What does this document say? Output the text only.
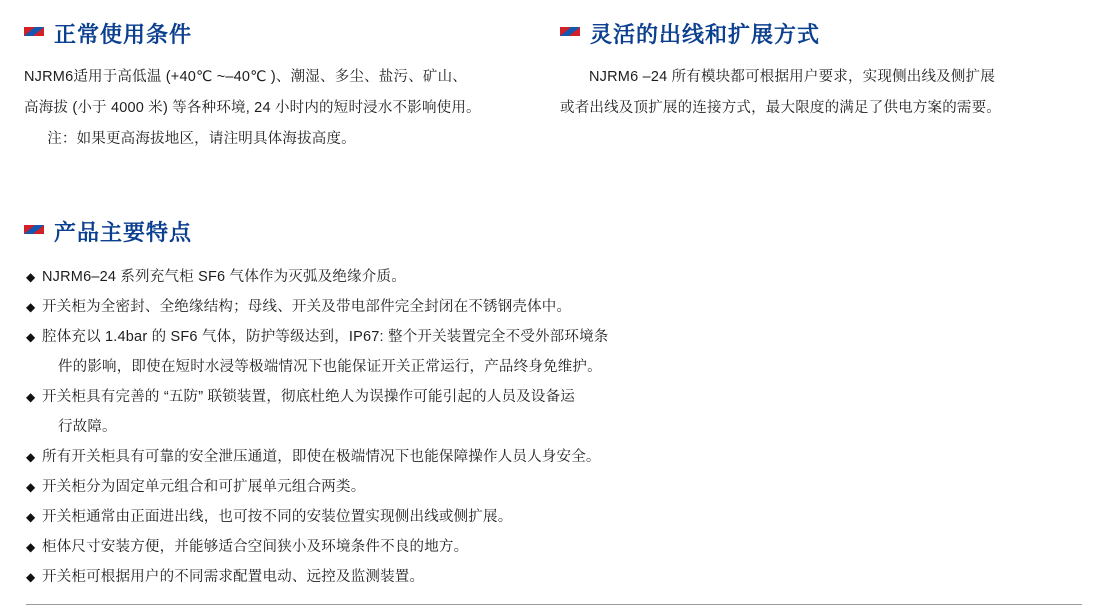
正常使用条件

NJRM6适用于高低温 (+40℃ ~–40℃ )、潮湿、多尘、盐污、矿山、

高海拔 (小于 4000 米) 等各种环境, 24 小时内的短时浸水不影响使用。

注：如果更高海拔地区，请注明具体海拔高度。

灵活的出线和扩展方式

NJRM6 –24 所有模块都可根据用户要求，实现侧出线及侧扩展

或者出线及顶扩展的连接方式，最大限度的满足了供电方案的需要。

产品主要特点
◆ NJRM6–24 系列充气柜 SF6 气体作为灭弧及绝缘介质。
◆ 开关柜为全密封、全绝缘结构；母线、开关及带电部件完全封闭在不锈钢壳体中。
◆ 腔体充以 1.4bar 的 SF6 气体，防护等级达到，IP67: 整个开关装置完全不受外部环境条
件的影响，即使在短时水浸等极端情况下也能保证开关正常运行，产品终身免维护。
◆ 开关柜具有完善的 “五防” 联锁装置，彻底杜绝人为误操作可能引起的人员及设备运
行故障。
◆ 所有开关柜具有可靠的安全泄压通道，即使在极端情况下也能保障操作人员人身安全。
◆ 开关柜分为固定单元组合和可扩展单元组合两类。
◆ 开关柜通常由正面进出线，也可按不同的安装位置实现侧出线或侧扩展。
◆ 柜体尺寸安装方便，并能够适合空间狭小及环境条件不良的地方。
◆ 开关柜可根据用户的不同需求配置电动、远控及监测装置。
